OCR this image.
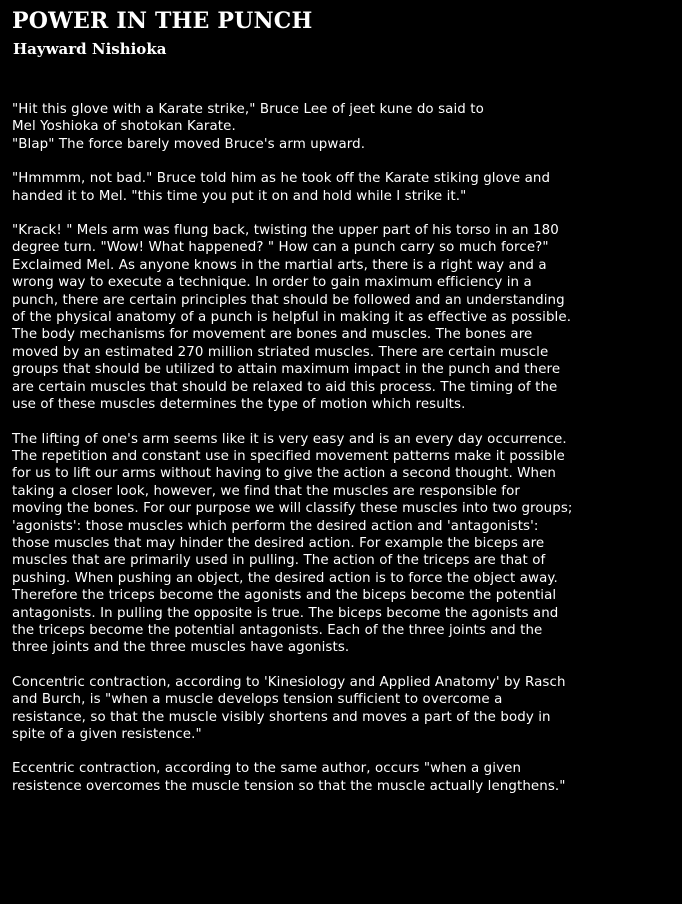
POWER IN THE PUNCH
Hayward Nishioka

"Hit this glove with a Karate strike," Bruce Lee of jeet kune do said to
Mel Yoshioka of shotokan Karate.
"Blap" The force barely moved Bruce's arm upward.

"Hmmmm, not bad." Bruce told him as he took off the Karate stiking glove and
handed it to Mel. "this time you put it on and hold while I strike it."

"Krack! " Mels arm was flung back, twisting the upper part of his torso in an 180
degree turn. "Wow! What happened? " How can a punch carry so much force?"
Exclaimed Mel. As anyone knows in the martial arts, there is a right way and a
wrong way to execute a technique. In order to gain maximum efficiency in a
punch, there are certain principles that should be followed and an understanding
of the physical anatomy of a punch is helpful in making it as effective as possible.
The body mechanisms for movement are bones and muscles. The bones are
moved by an estimated 270 million striated muscles. There are certain muscle
groups that should be utilized to attain maximum impact in the punch and there
are certain muscles that should be relaxed to aid this process. The timing of the
use of these muscles determines the type of motion which results.

The lifting of one's arm seems like it is very easy and is an every day occurrence.
The repetition and constant use in specified movement patterns make it possible
for us to lift our arms without having to give the action a second thought. When
taking a closer look, however, we find that the muscles are responsible for
moving the bones. For our purpose we will classify these muscles into two groups;
'agonists': those muscles which perform the desired action and 'antagonists':
those muscles that may hinder the desired action. For example the biceps are
muscles that are primarily used in pulling. The action of the triceps are that of
pushing. When pushing an object, the desired action is to force the object away.
Therefore the triceps become the agonists and the biceps become the potential
antagonists. In pulling the opposite is true. The biceps become the agonists and
the triceps become the potential antagonists. Each of the three joints and the
three joints and the three muscles have agonists.

Concentric contraction, according to 'Kinesiology and Applied Anatomy' by Rasch
and Burch, is "when a muscle develops tension sufficient to overcome a
resistance, so that the muscle visibly shortens and moves a part of the body in
spite of a given resistence."

Eccentric contraction, according to the same author, occurs "when a given
resistence overcomes the muscle tension so that the muscle actually lengthens."
